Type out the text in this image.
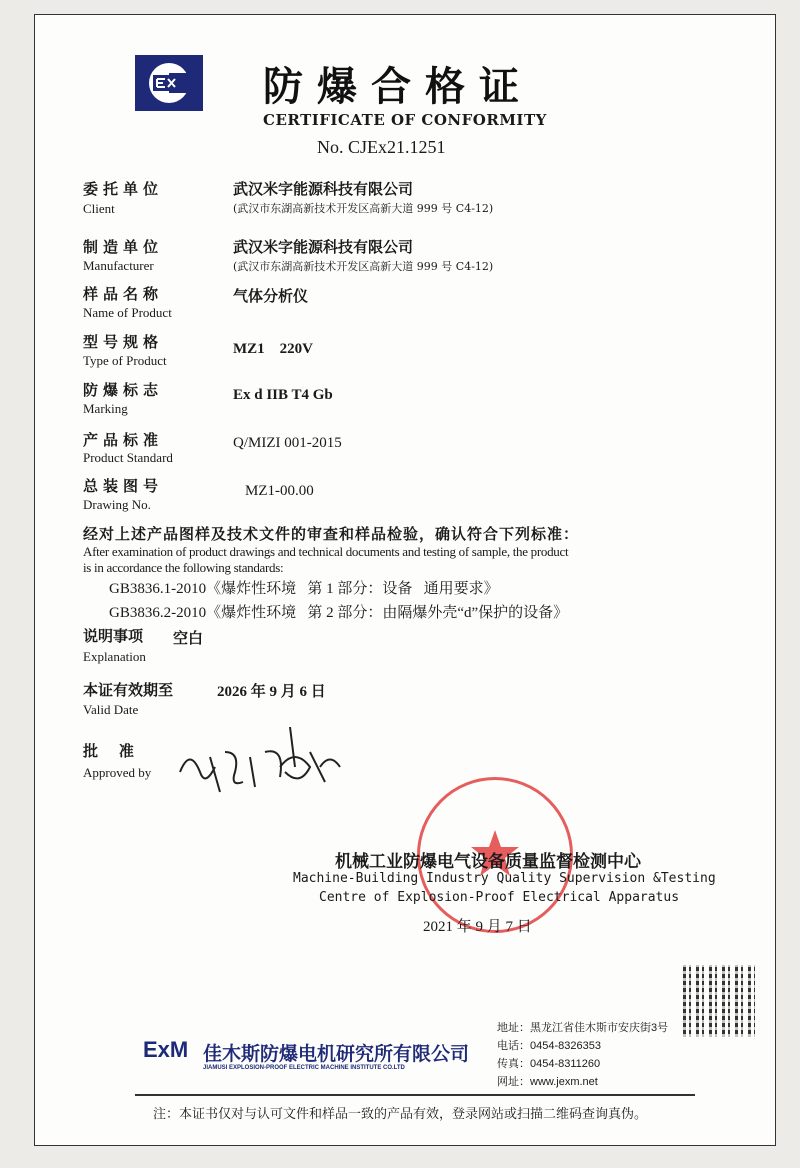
防爆合格证
CERTIFICATE OF CONFORMITY
No. CJEx21.1251
委托单位
Client
武汉米字能源科技有限公司
(武汉市东湖高新技术开发区高新大道 999 号 C4-12)
制造单位
Manufacturer
武汉米字能源科技有限公司
(武汉市东湖高新技术开发区高新大道 999 号 C4-12)
样品名称
Name of Product
气体分析仪
型号规格
Type of Product
MZ1    220V
防爆标志
Marking
Ex d IIB T4 Gb
产品标准
Product Standard
Q/MIZI 001-2015
总装图号
Drawing No.
MZ1-00.00
经对上述产品图样及技术文件的审查和样品检验，确认符合下列标准：
After examination of product drawings and technical documents and testing of sample, the product
is in accordance the following standards:
GB3836.1-2010《爆炸性环境   第 1 部分：设备   通用要求》
GB3836.2-2010《爆炸性环境   第 2 部分：由隔爆外壳“d”保护的设备》
说明事项 空白
Explanation
本证有效期至	2026 年 9 月 6 日
Valid Date
批    准
Approved by
机械工业防爆电气设备质量监督检测中心
Machine-Building Industry Quality Supervision &Testing
Centre of Explosion-Proof Electrical Apparatus
2021 年 9 月 7 日
ExM 佳木斯防爆电机研究所有限公司
JIAMUSI EXPLOSION-PROOF ELECTRIC MACHINE INSTITUTE CO.LTD
地址：黑龙江省佳木斯市安庆街3号
电话：0454-8326353
传真：0454-8311260
网址：www.jexm.net
注：本证书仅对与认可文件和样品一致的产品有效，登录网站或扫描二维码查询真伪。
